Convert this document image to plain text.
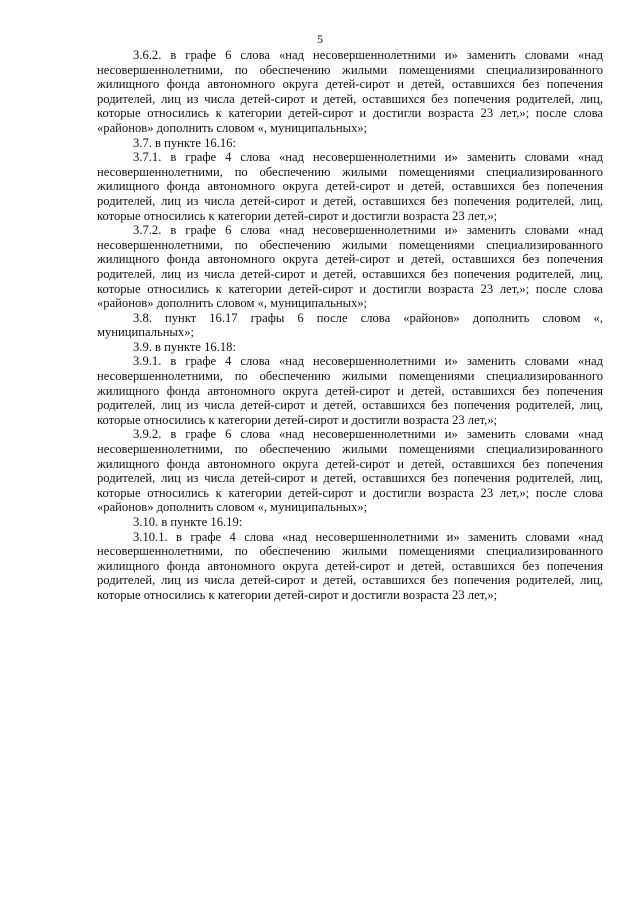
5

3.6.2. в графе 6 слова «над несовершеннолетними и» заменить словами «над несовершеннолетними, по обеспечению жилыми помещениями специализированного жилищного фонда автономного округа детей-сирот и детей, оставшихся без попечения родителей, лиц из числа детей-сирот и детей, оставшихся без попечения родителей, лиц, которые относились к категории детей-сирот и достигли возраста 23 лет,»; после слова «районов» дополнить словом «, муниципальных»;

3.7. в пункте 16.16:

3.7.1. в графе 4 слова «над несовершеннолетними и» заменить словами «над несовершеннолетними, по обеспечению жилыми помещениями специализированного жилищного фонда автономного округа детей-сирот и детей, оставшихся без попечения родителей, лиц из числа детей-сирот и детей, оставшихся без попечения родителей, лиц, которые относились к категории детей-сирот и достигли возраста 23 лет,»;

3.7.2. в графе 6 слова «над несовершеннолетними и» заменить словами «над несовершеннолетними, по обеспечению жилыми помещениями специализированного жилищного фонда автономного округа детей-сирот и детей, оставшихся без попечения родителей, лиц из числа детей-сирот и детей, оставшихся без попечения родителей, лиц, которые относились к категории детей-сирот и достигли возраста 23 лет,»; после слова «районов» дополнить словом «, муниципальных»;

3.8. пункт 16.17 графы 6 после слова «районов» дополнить словом «, муниципальных»;

3.9. в пункте 16.18:

3.9.1. в графе 4 слова «над несовершеннолетними и» заменить словами «над несовершеннолетними, по обеспечению жилыми помещениями специализированного жилищного фонда автономного округа детей-сирот и детей, оставшихся без попечения родителей, лиц из числа детей-сирот и детей, оставшихся без попечения родителей, лиц, которые относились к категории детей-сирот и достигли возраста 23 лет,»;

3.9.2. в графе 6 слова «над несовершеннолетними и» заменить словами «над несовершеннолетними, по обеспечению жилыми помещениями специализированного жилищного фонда автономного округа детей-сирот и детей, оставшихся без попечения родителей, лиц из числа детей-сирот и детей, оставшихся без попечения родителей, лиц, которые относились к категории детей-сирот и достигли возраста 23 лет,»; после слова «районов» дополнить словом «, муниципальных»;

3.10. в пункте 16.19:

3.10.1. в графе 4 слова «над несовершеннолетними и» заменить словами «над несовершеннолетними, по обеспечению жилыми помещениями специализированного жилищного фонда автономного округа детей-сирот и детей, оставшихся без попечения родителей, лиц из числа детей-сирот и детей, оставшихся без попечения родителей, лиц, которые относились к категории детей-сирот и достигли возраста 23 лет,»;
